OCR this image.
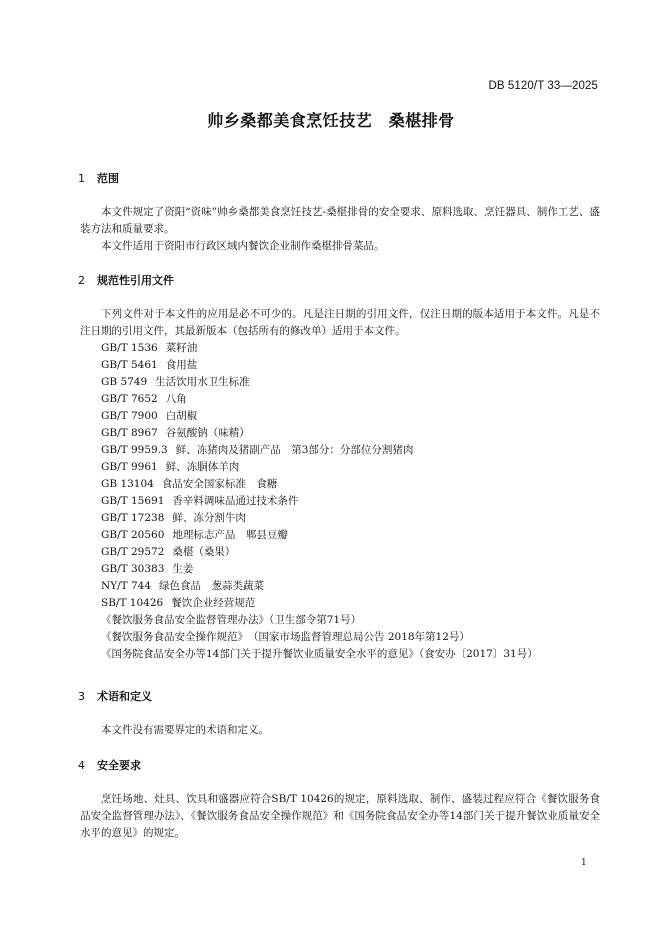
DB 5120/T 33—2025
帅乡桑都美食烹饪技艺　桑椹排骨
1 范围

本文件规定了资阳“资味”帅乡桑都美食烹饪技艺-桑椹排骨的安全要求、原料选取、烹饪器具、制作工艺、盛装方法和质量要求。

本文件适用于资阳市行政区域内餐饮企业制作桑椹排骨菜品。

2 规范性引用文件

下列文件对于本文件的应用是必不可少的。凡是注日期的引用文件，仅注日期的版本适用于本文件。凡是不注日期的引用文件，其最新版本（包括所有的修改单）适用于本文件。

GB/T 1536 菜籽油
GB/T 5461 食用盐
GB 5749 生活饮用水卫生标准
GB/T 7652 八角
GB/T 7900 白胡椒
GB/T 8967 谷氨酸钠（味精）
GB/T 9959.3 鲜、冻猪肉及猪副产品　第3部分：分部位分割猪肉
GB/T 9961 鲜、冻胴体羊肉
GB 13104 食品安全国家标准　食糖
GB/T 15691 香辛料调味品通过技术条件
GB/T 17238 鲜、冻分割牛肉
GB/T 20560 地理标志产品　郫县豆瓣
GB/T 29572 桑椹（桑果）
GB/T 30383 生姜
NY/T 744 绿色食品　葱蒜类蔬菜
SB/T 10426 餐饮企业经营规范
《餐饮服务食品安全监督管理办法》（卫生部令第71号）
《餐饮服务食品安全操作规范》　（国家市场监督管理总局公告 2018年第12号）
《国务院食品安全办等14部门关于提升餐饮业质量安全水平的意见》（食安办〔2017〕31号）
3 术语和定义

本文件没有需要界定的术语和定义。

4 安全要求

烹饪场地、灶具、饮具和盛器应符合SB/T 10426的规定，原料选取、制作、盛装过程应符合《餐饮服务食品安全监督管理办法》、《餐饮服务食品安全操作规范》和《国务院食品安全办等14部门关于提升餐饮业质量安全水平的意见》的规定。

1
